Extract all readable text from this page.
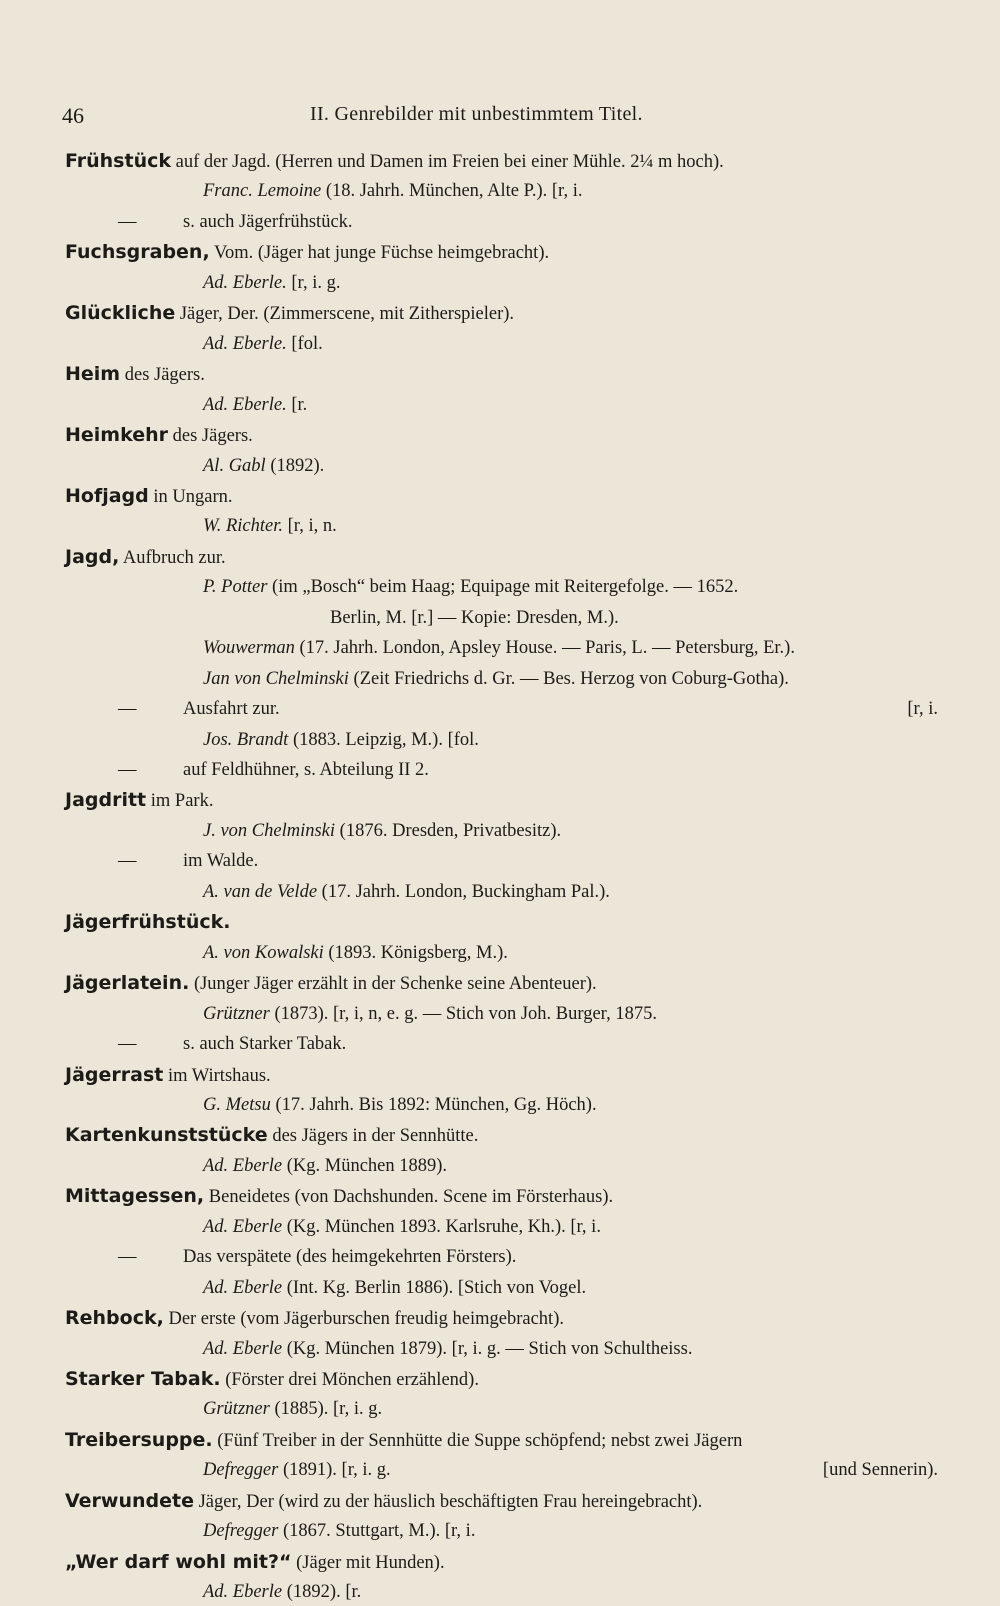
46	II. Genrebilder mit unbestimmtem Titel.
Frühstück auf der Jagd. (Herren und Damen im Freien bei einer Mühle. 2¼ m hoch).
Franc. Lemoine (18. Jahrh. München, Alte P.). [r, i.
—	s. auch Jägerfrühstück.
Fuchsgraben, Vom. (Jäger hat junge Füchse heimgebracht).
Ad. Eberle. [r, i. g.
Glückliche Jäger, Der. (Zimmerscene, mit Zitherspieler).
Ad. Eberle. [fol.
Heim des Jägers.
Ad. Eberle. [r.
Heimkehr des Jägers.
Al. Gabl (1892).
Hofjagd in Ungarn.
W. Richter. [r, i, n.
Jagd, Aufbruch zur.
P. Potter (im „Bosch“ beim Haag; Equipage mit Reitergefolge. — 1652.
Berlin, M. [r.] — Kopie: Dresden, M.).
Wouwerman (17. Jahrh. London, Apsley House. — Paris, L. — Petersburg, Er.).
Jan von Chelminski (Zeit Friedrichs d. Gr. — Bes. Herzog von Coburg-Gotha).
—	Ausfahrt zur.	[r, i.
Jos. Brandt (1883. Leipzig, M.). [fol.
—	auf Feldhühner, s. Abteilung II 2.
Jagdritt im Park.
J. von Chelminski (1876. Dresden, Privatbesitz).
—	im Walde.
A. van de Velde (17. Jahrh. London, Buckingham Pal.).
Jägerfrühstück.
A. von Kowalski (1893. Königsberg, M.).
Jägerlatein. (Junger Jäger erzählt in der Schenke seine Abenteuer).
Grützner (1873). [r, i, n, e. g. — Stich von Joh. Burger, 1875.
—	s. auch Starker Tabak.
Jägerrast im Wirtshaus.
G. Metsu (17. Jahrh. Bis 1892: München, Gg. Höch).
Kartenkunststücke des Jägers in der Sennhütte.
Ad. Eberle (Kg. München 1889).
Mittagessen, Beneidetes (von Dachshunden. Scene im Försterhaus).
Ad. Eberle (Kg. München 1893. Karlsruhe, Kh.). [r, i.
—	Das verspätete (des heimgekehrten Försters).
Ad. Eberle (Int. Kg. Berlin 1886). [Stich von Vogel.
Rehbock, Der erste (vom Jägerburschen freudig heimgebracht).
Ad. Eberle (Kg. München 1879). [r, i. g. — Stich von Schultheiss.
Starker Tabak. (Förster drei Mönchen erzählend).
Grützner (1885). [r, i. g.
Treibersuppe. (Fünf Treiber in der Sennhütte die Suppe schöpfend; nebst zwei Jägern
Defregger (1891). [r, i. g.	[und Sennerin).
Verwundete Jäger, Der (wird zu der häuslich beschäftigten Frau hereingebracht).
Defregger (1867. Stuttgart, M.). [r, i.
„Wer darf wohl mit?“ (Jäger mit Hunden).
Ad. Eberle (1892). [r.
